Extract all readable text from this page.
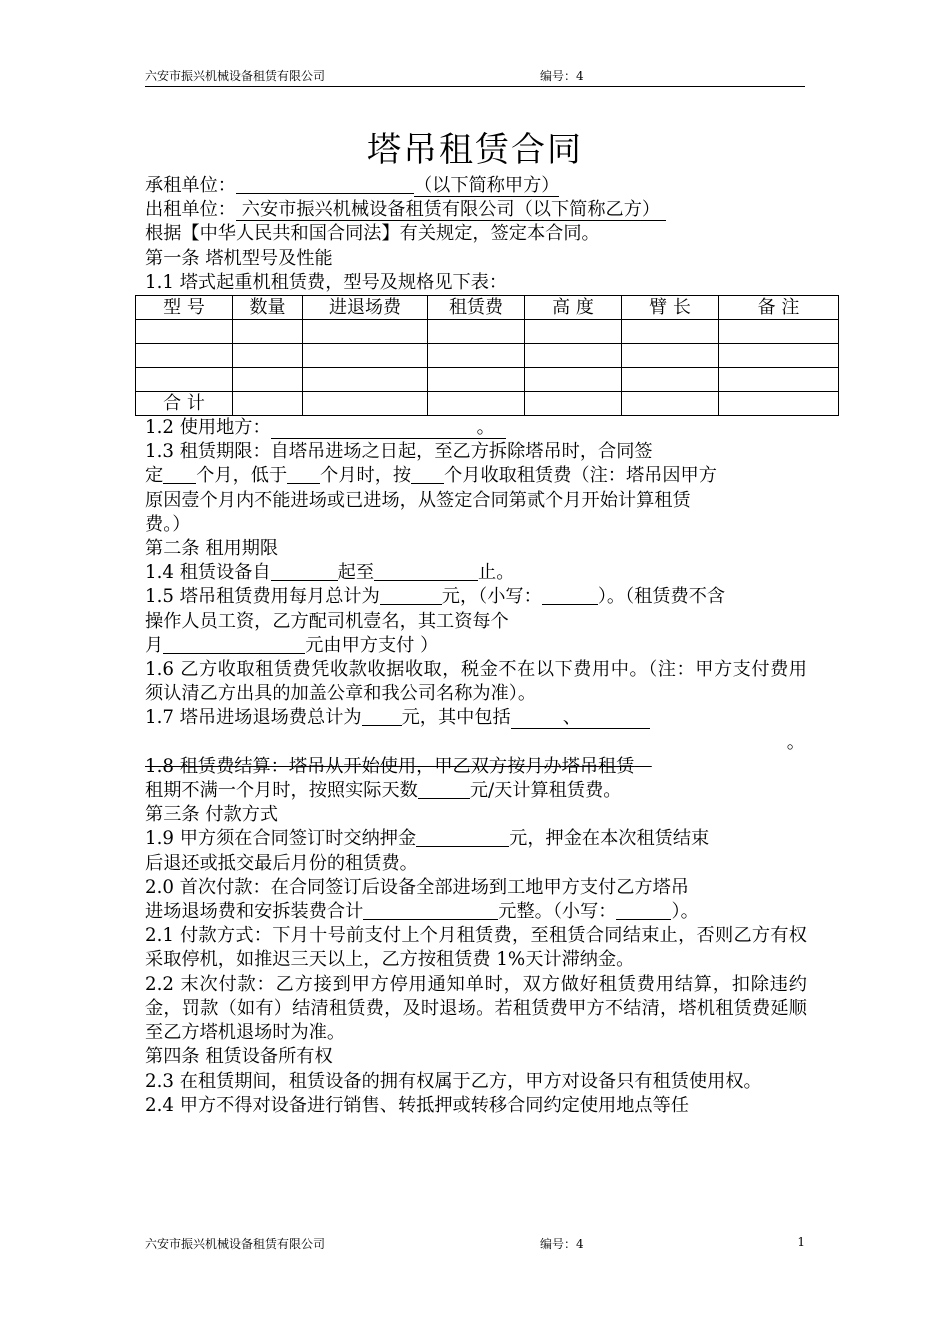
六安市振兴机械设备租赁有限公司	编号：4
塔吊租赁合同

承租单位：	（以下简称甲方）

出租单位： 六安市振兴机械设备租赁有限公司（以下简称乙方）

根据【中华人民共和国合同法】有关规定，签定本合同。

第一条 塔机型号及性能

1.1 塔式起重机租赁费，型号及规格见下表：

型 号	数量	进退场费	租赁费	高 度	臂 长	备 注

合 计						

1.2 使用地方：	。

1.3 租赁期限：自塔吊进场之日起，至乙方拆除塔吊时，合同签

定 个月，低于 个月时，按 个月收取租赁费（注：塔吊因甲方

原因壹个月内不能进场或已进场，从签定合同第贰个月开始计算租赁

费。）

第二条 租用期限

1.4 租赁设备自	起至	止。

1.5 塔吊租赁费用每月总计为	元，（小写：	）。（租赁费不含

操作人员工资，乙方配司机壹名，其工资每个

月	元由甲方支付 ）

1.6 乙方收取租赁费凭收款收据收取，税金不在以下费用中。（注：甲方支付费用须认清乙方出具的加盖公章和我公司名称为准）。

1.7 塔吊进场退场费总计为 元，其中包括	、

。

1.8 租赁费结算：塔吊从开始使用，甲乙双方按月办塔吊租赁

租期不满一个月时，按照实际天数	元/天计算租赁费。

第三条 付款方式

1.9 甲方须在合同签订时交纳押金	元，押金在本次租赁结束

后退还或抵交最后月份的租赁费。

2.0 首次付款：在合同签订后设备全部进场到工地甲方支付乙方塔吊

进场退场费和安拆装费合计	元整。（小写：	）。

2.1 付款方式：下月十号前支付上个月租赁费，至租赁合同结束止，否则乙方有权采取停机，如推迟三天以上，乙方按租赁费 1%天计滞纳金。

2.2 末次付款：乙方接到甲方停用通知单时，双方做好租赁费用结算，扣除违约金，罚款（如有）结清租赁费，及时退场。若租赁费甲方不结清，塔机租赁费延顺至乙方塔机退场时为准。

第四条 租赁设备所有权

2.3 在租赁期间，租赁设备的拥有权属于乙方，甲方对设备只有租赁使用权。

2.4 甲方不得对设备进行销售、转抵押或转移合同约定使用地点等任

六安市振兴机械设备租赁有限公司	编号：4	1
